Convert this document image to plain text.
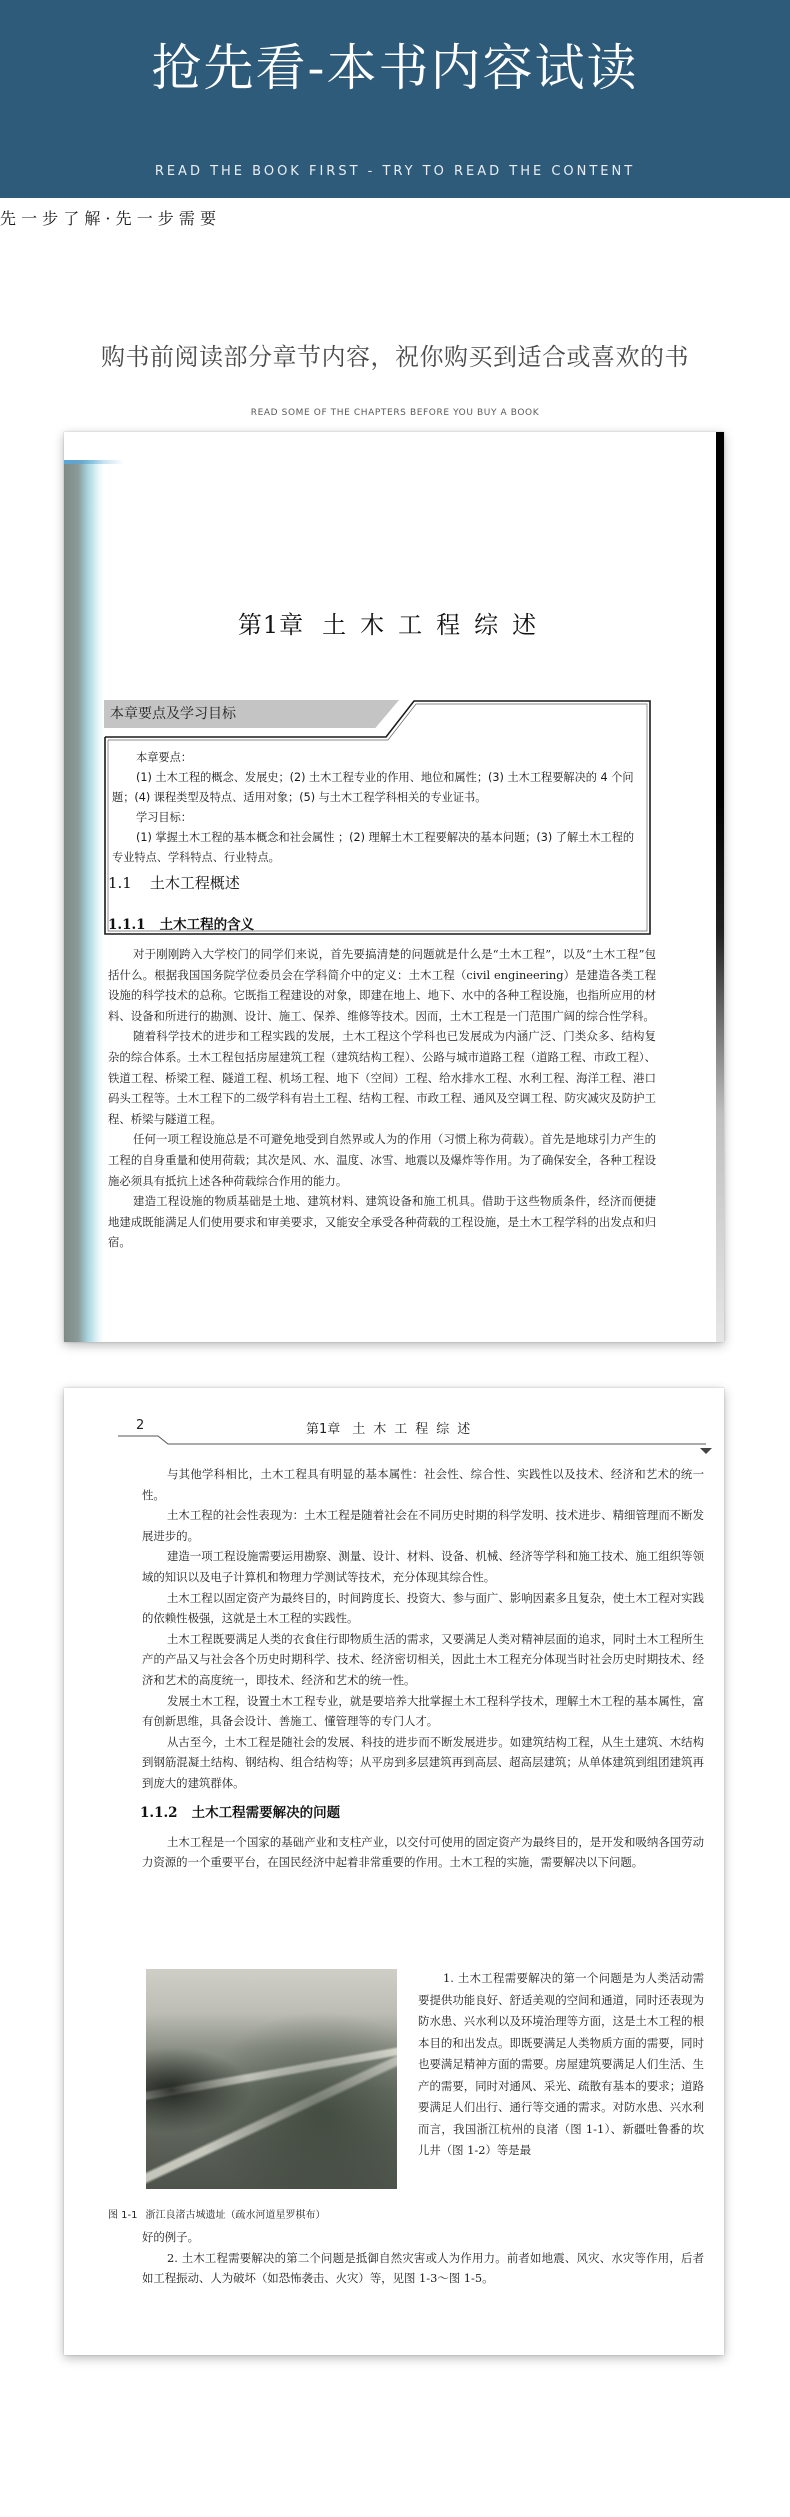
抢先看-本书内容试读
READ THE BOOK FIRST - TRY TO READ THE CONTENT
先 一 步 了 解 · 先 一 步 需 要
购书前阅读部分章节内容，祝你购买到适合或喜欢的书
READ SOME OF THE CHAPTERS BEFORE YOU BUY A BOOK
第1章 土木工程综述
本章要点及学习目标

本章要点：

(1) 土木工程的概念、发展史；(2) 土木工程专业的作用、地位和属性；(3) 土木工程要解决的 4 个问题；(4) 课程类型及特点、适用对象；(5) 与土木工程学科相关的专业证书。

学习目标：

(1) 掌握土木工程的基本概念和社会属性 ；(2) 理解土木工程要解决的基本问题；(3) 了解土木工程的专业特点、学科特点、行业特点。

1.1 土木工程概述
1.1.1 土木工程的含义

对于刚刚跨入大学校门的同学们来说，首先要搞清楚的问题就是什么是“土木工程”，以及“土木工程”包括什么。根据我国国务院学位委员会在学科简介中的定义：土木工程（civil engineering）是建造各类工程设施的科学技术的总称。它既指工程建设的对象，即建在地上、地下、水中的各种工程设施，也指所应用的材料、设备和所进行的勘测、设计、施工、保养、维修等技术。因而，土木工程是一门范围广阔的综合性学科。

随着科学技术的进步和工程实践的发展，土木工程这个学科也已发展成为内涵广泛、门类众多、结构复杂的综合体系。土木工程包括房屋建筑工程（建筑结构工程）、公路与城市道路工程（道路工程、市政工程）、铁道工程、桥梁工程、隧道工程、机场工程、地下（空间）工程、给水排水工程、水利工程、海洋工程、港口码头工程等。土木工程下的二级学科有岩土工程、结构工程、市政工程、通风及空调工程、防灾减灾及防护工程、桥梁与隧道工程。

任何一项工程设施总是不可避免地受到自然界或人为的作用（习惯上称为荷载）。首先是地球引力产生的工程的自身重量和使用荷载；其次是风、水、温度、冰雪、地震以及爆炸等作用。为了确保安全，各种工程设施必须具有抵抗上述各种荷载综合作用的能力。

建造工程设施的物质基础是土地、建筑材料、建筑设备和施工机具。借助于这些物质条件，经济而便捷地建成既能满足人们使用要求和审美要求，又能安全承受各种荷载的工程设施，是土木工程学科的出发点和归宿。

2	第1章 土木工程综述

与其他学科相比，土木工程具有明显的基本属性：社会性、综合性、实践性以及技术、经济和艺术的统一性。

土木工程的社会性表现为：土木工程是随着社会在不同历史时期的科学发明、技术进步、精细管理而不断发展进步的。

建造一项工程设施需要运用勘察、测量、设计、材料、设备、机械、经济等学科和施工技术、施工组织等领域的知识以及电子计算机和物理力学测试等技术，充分体现其综合性。

土木工程以固定资产为最终目的，时间跨度长、投资大、参与面广、影响因素多且复杂，使土木工程对实践的依赖性极强，这就是土木工程的实践性。

土木工程既要满足人类的衣食住行即物质生活的需求，又要满足人类对精神层面的追求，同时土木工程所生产的产品又与社会各个历史时期科学、技术、经济密切相关，因此土木工程充分体现当时社会历史时期技术、经济和艺术的高度统一，即技术、经济和艺术的统一性。

发展土木工程，设置土木工程专业，就是要培养大批掌握土木工程科学技术，理解土木工程的基本属性，富有创新思维，具备会设计、善施工、懂管理等的专门人才。

从古至今，土木工程是随社会的发展、科技的进步而不断发展进步。如建筑结构工程，从生土建筑、木结构到钢筋混凝土结构、钢结构、组合结构等；从平房到多层建筑再到高层、超高层建筑；从单体建筑到组团建筑再到庞大的建筑群体。

1.1.2 土木工程需要解决的问题

土木工程是一个国家的基础产业和支柱产业，以交付可使用的固定资产为最终目的，是开发和吸纳各国劳动力资源的一个重要平台，在国民经济中起着非常重要的作用。土木工程的实施，需要解决以下问题。

图 1-1 浙江良渚古城遗址（疏水河道星罗棋布）

1. 土木工程需要解决的第一个问题是为人类活动需要提供功能良好、舒适美观的空间和通道，同时还表现为防水患、兴水利以及环境治理等方面，这是土木工程的根本目的和出发点。即既要满足人类物质方面的需要，同时也要满足精神方面的需要。房屋建筑要满足人们生活、生产的需要，同时对通风、采光、疏散有基本的要求；道路要满足人们出行、通行等交通的需求。对防水患、兴水利而言，我国浙江杭州的良渚（图 1-1）、新疆吐鲁番的坎儿井（图 1-2）等是最

好的例子。

2. 土木工程需要解决的第二个问题是抵御自然灾害或人为作用力。前者如地震、风灾、水灾等作用，后者如工程振动、人为破坏（如恐怖袭击、火灾）等，见图 1-3～图 1-5。
